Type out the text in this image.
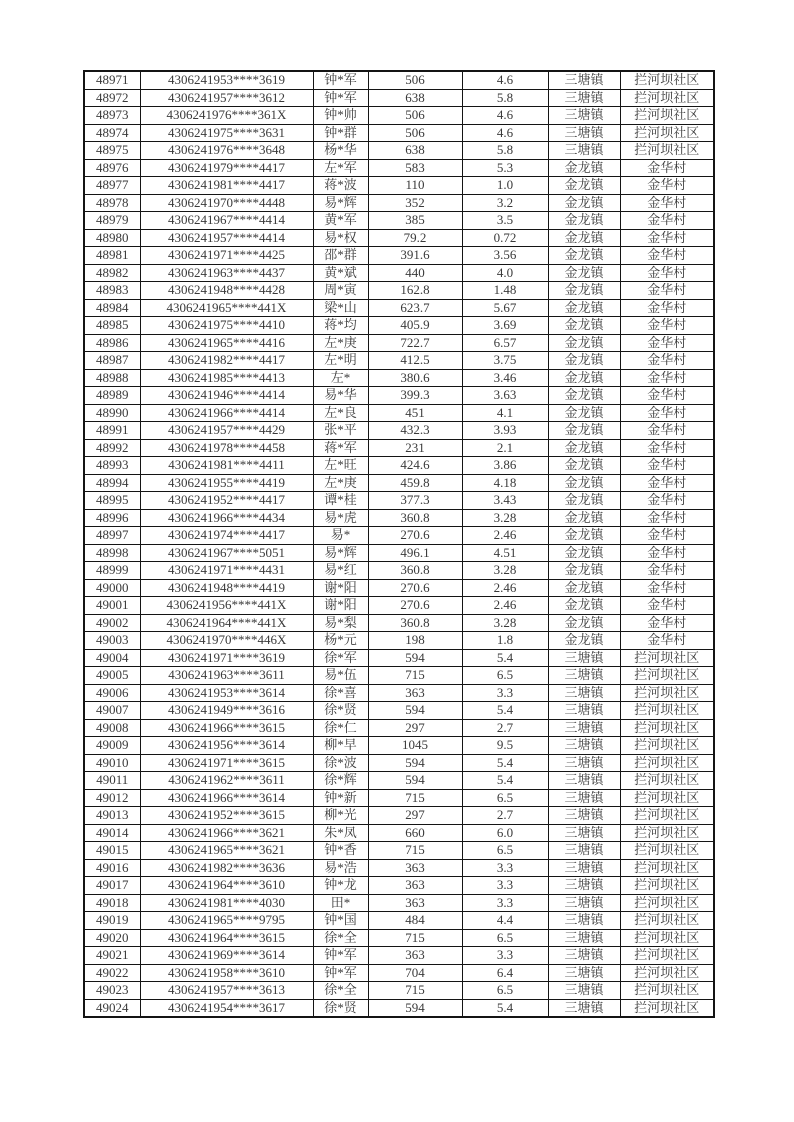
48971	4306241953****3619	钟*军	506	4.6	三塘镇	拦河坝社区
48972	4306241957****3612	钟*军	638	5.8	三塘镇	拦河坝社区
48973	4306241976****361X	钟*帅	506	4.6	三塘镇	拦河坝社区
48974	4306241975****3631	钟*群	506	4.6	三塘镇	拦河坝社区
48975	4306241976****3648	杨*华	638	5.8	三塘镇	拦河坝社区
48976	4306241979****4417	左*军	583	5.3	金龙镇	金华村
48977	4306241981****4417	蒋*波	110	1.0	金龙镇	金华村
48978	4306241970****4448	易*辉	352	3.2	金龙镇	金华村
48979	4306241967****4414	黄*军	385	3.5	金龙镇	金华村
48980	4306241957****4414	易*权	79.2	0.72	金龙镇	金华村
48981	4306241971****4425	邵*群	391.6	3.56	金龙镇	金华村
48982	4306241963****4437	黄*斌	440	4.0	金龙镇	金华村
48983	4306241948****4428	周*寅	162.8	1.48	金龙镇	金华村
48984	4306241965****441X	梁*山	623.7	5.67	金龙镇	金华村
48985	4306241975****4410	蒋*均	405.9	3.69	金龙镇	金华村
48986	4306241965****4416	左*庚	722.7	6.57	金龙镇	金华村
48987	4306241982****4417	左*明	412.5	3.75	金龙镇	金华村
48988	4306241985****4413	左*	380.6	3.46	金龙镇	金华村
48989	4306241946****4414	易*华	399.3	3.63	金龙镇	金华村
48990	4306241966****4414	左*良	451	4.1	金龙镇	金华村
48991	4306241957****4429	张*平	432.3	3.93	金龙镇	金华村
48992	4306241978****4458	蒋*军	231	2.1	金龙镇	金华村
48993	4306241981****4411	左*旺	424.6	3.86	金龙镇	金华村
48994	4306241955****4419	左*庚	459.8	4.18	金龙镇	金华村
48995	4306241952****4417	谭*桂	377.3	3.43	金龙镇	金华村
48996	4306241966****4434	易*虎	360.8	3.28	金龙镇	金华村
48997	4306241974****4417	易*	270.6	2.46	金龙镇	金华村
48998	4306241967****5051	易*辉	496.1	4.51	金龙镇	金华村
48999	4306241971****4431	易*红	360.8	3.28	金龙镇	金华村
49000	4306241948****4419	谢*阳	270.6	2.46	金龙镇	金华村
49001	4306241956****441X	谢*阳	270.6	2.46	金龙镇	金华村
49002	4306241964****441X	易*梨	360.8	3.28	金龙镇	金华村
49003	4306241970****446X	杨*元	198	1.8	金龙镇	金华村
49004	4306241971****3619	徐*军	594	5.4	三塘镇	拦河坝社区
49005	4306241963****3611	易*伍	715	6.5	三塘镇	拦河坝社区
49006	4306241953****3614	徐*喜	363	3.3	三塘镇	拦河坝社区
49007	4306241949****3616	徐*贤	594	5.4	三塘镇	拦河坝社区
49008	4306241966****3615	徐*仁	297	2.7	三塘镇	拦河坝社区
49009	4306241956****3614	柳*早	1045	9.5	三塘镇	拦河坝社区
49010	4306241971****3615	徐*波	594	5.4	三塘镇	拦河坝社区
49011	4306241962****3611	徐*辉	594	5.4	三塘镇	拦河坝社区
49012	4306241966****3614	钟*新	715	6.5	三塘镇	拦河坝社区
49013	4306241952****3615	柳*光	297	2.7	三塘镇	拦河坝社区
49014	4306241966****3621	朱*凤	660	6.0	三塘镇	拦河坝社区
49015	4306241965****3621	钟*香	715	6.5	三塘镇	拦河坝社区
49016	4306241982****3636	易*浩	363	3.3	三塘镇	拦河坝社区
49017	4306241964****3610	钟*龙	363	3.3	三塘镇	拦河坝社区
49018	4306241981****4030	田*	363	3.3	三塘镇	拦河坝社区
49019	4306241965****9795	钟*国	484	4.4	三塘镇	拦河坝社区
49020	4306241964****3615	徐*全	715	6.5	三塘镇	拦河坝社区
49021	4306241969****3614	钟*军	363	3.3	三塘镇	拦河坝社区
49022	4306241958****3610	钟*军	704	6.4	三塘镇	拦河坝社区
49023	4306241957****3613	徐*全	715	6.5	三塘镇	拦河坝社区
49024	4306241954****3617	徐*贤	594	5.4	三塘镇	拦河坝社区
